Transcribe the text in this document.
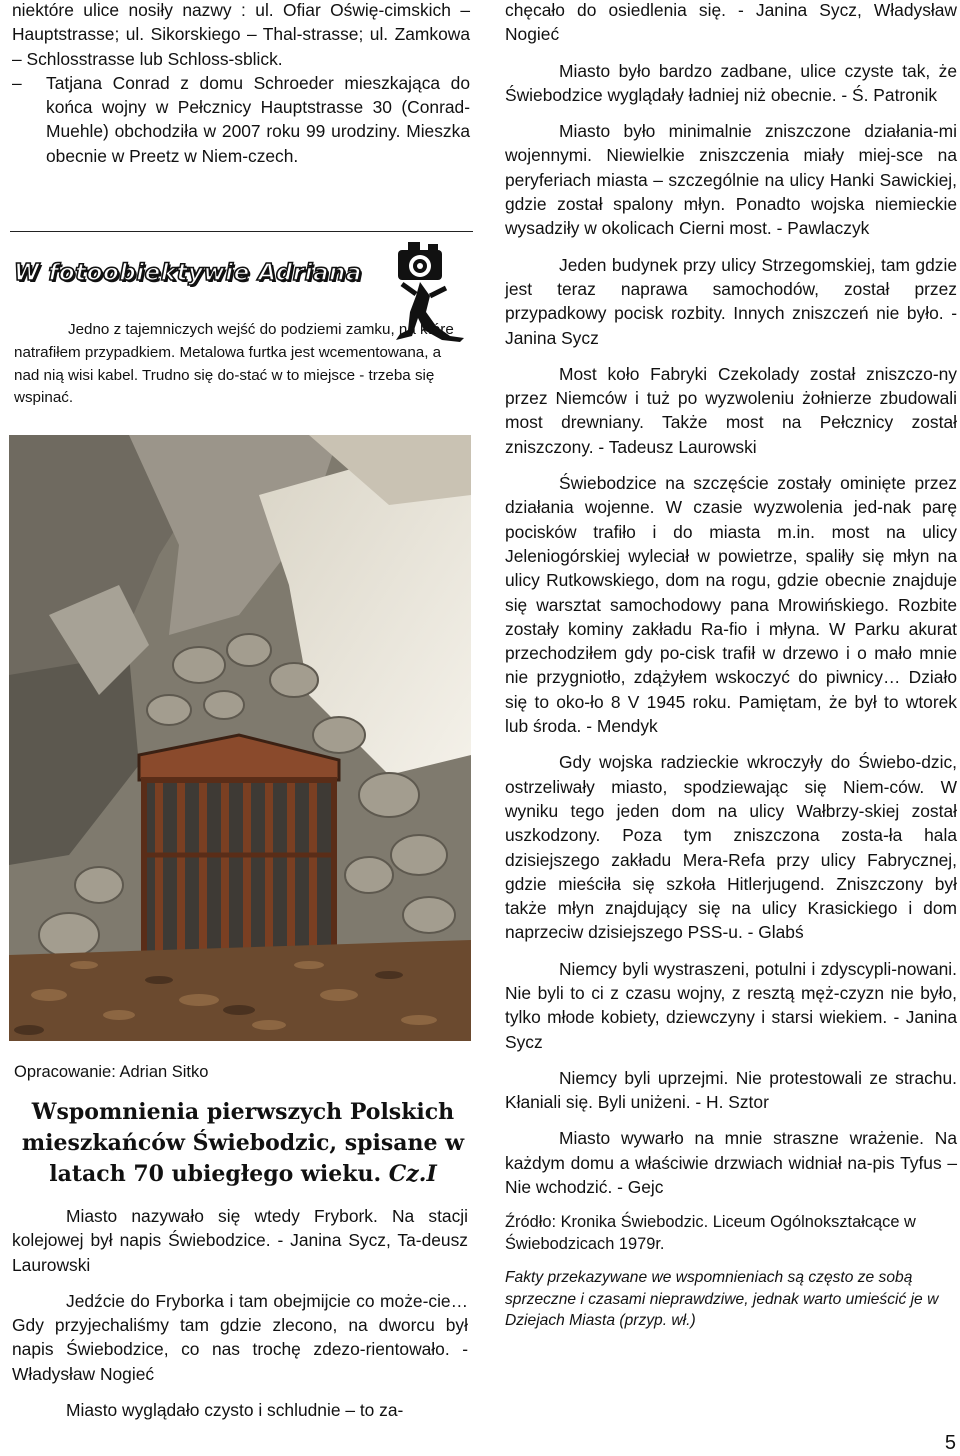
niektóre ulice nosiły nazwy : ul. Ofiar Oświę-cimskich – Hauptstrasse; ul. Sikorskiego – Thal-strasse; ul. Zamkowa – Schlosstrasse lub Schloss-sblick.

–	Tatjana Conrad z domu Schroeder mieszkająca do końca wojny w Pełcznicy Hauptstrasse 30 (Conrad-Muehle) obchodziła w 2007 roku 99 urodziny. Mieszka obecnie w Preetz w Niem-czech.
W fotoobiektywie Adriana
Jedno z tajemniczych wejść do podziemi zamku, na które natrafiłem przypadkiem. Metalowa furtka jest wcementowana, a nad nią wisi kabel. Trudno się do-stać w to miejsce - trzeba się wspinać.
Opracowanie: Adrian Sitko
Wspomnienia pierwszych Polskich mieszkańców Świebodzic, spisane w latach 70 ubiegłego wieku. Cz.I

Miasto nazywało się wtedy Frybork. Na stacji kolejowej był napis Świebodzice. - Janina Sycz, Ta-deusz Laurowski

Jedźcie do Fryborka i tam obejmijcie co może-cie… Gdy przyjechaliśmy tam gdzie zlecono, na dworcu był napis Świebodzice, co nas trochę zdezo-rientowało. - Władysław Nogieć

Miasto wyglądało czysto i schludnie – to za-

chęcało do osiedlenia się. - Janina Sycz, Władysław Nogieć

Miasto było bardzo zadbane, ulice czyste tak, że Świebodzice wyglądały ładniej niż obecnie. - Ś. Patronik

Miasto było minimalnie zniszczone działania-mi wojennymi. Niewielkie zniszczenia miały miej-sce na peryferiach miasta – szczególnie na ulicy Hanki Sawickiej, gdzie został spalony młyn. Ponadto wojska niemieckie wysadziły w okolicach Cierni most. - Pawlaczyk

Jeden budynek przy ulicy Strzegomskiej, tam gdzie jest teraz naprawa samochodów, został przez przypadkowy pocisk rozbity. Innych zniszczeń nie było. - Janina Sycz

Most koło Fabryki Czekolady został zniszczo-ny przez Niemców i tuż po wyzwoleniu żołnierze zbudowali most drewniany. Także most na Pełcznicy został zniszczony. - Tadeusz Laurowski

Świebodzice na szczęście zostały ominięte przez działania wojenne. W czasie wyzwolenia jed-nak parę pocisków trafiło i do miasta m.in. most na ulicy Jeleniogórskiej wyleciał w powietrze, spaliły się młyn na ulicy Rutkowskiego, dom na rogu, gdzie obecnie znajduje się warsztat samochodowy pana Mrowińskiego. Rozbite zostały kominy zakładu Ra-fio i młyna. W Parku akurat przechodziłem gdy po-cisk trafił w drzewo i o mało mnie nie przygniotło, zdążyłem wskoczyć do piwnicy… Działo się to oko-ło 8 V 1945 roku. Pamiętam, że był to wtorek lub środa. - Mendyk

Gdy wojska radzieckie wkroczyły do Świebo-dzic, ostrzeliwały miasto, spodziewając się Niem-ców. W wyniku tego jeden dom na ulicy Wałbrzy-skiej został uszkodzony. Poza tym zniszczona zosta-ła hala dzisiejszego zakładu Mera-Refa przy ulicy Fabrycznej, gdzie mieściła się szkoła Hitlerjugend. Zniszczony był także młyn znajdujący się na ulicy Krasickiego i dom naprzeciw dzisiejszego PSS-u. - Glabś

Niemcy byli wystraszeni, potulni i zdyscypli-nowani. Nie byli to ci z czasu wojny, z resztą męż-czyzn nie było, tylko młode kobiety, dziewczyny i starsi wiekiem. - Janina Sycz

Niemcy byli uprzejmi. Nie protestowali ze strachu. Kłaniali się. Byli uniżeni. - H. Sztor

Miasto wywarło na mnie straszne wrażenie. Na każdym domu a właściwie drzwiach widniał na-pis Tyfus – Nie wchodzić. - Gejc

Źródło: Kronika Świebodzic. Liceum Ogólnokształcące w Świebodzicach 1979r.

Fakty przekazywane we wspomnieniach są często ze sobą sprzeczne i czasami nieprawdziwe, jednak warto umieścić je w Dziejach Miasta (przyp. wł.)

5
